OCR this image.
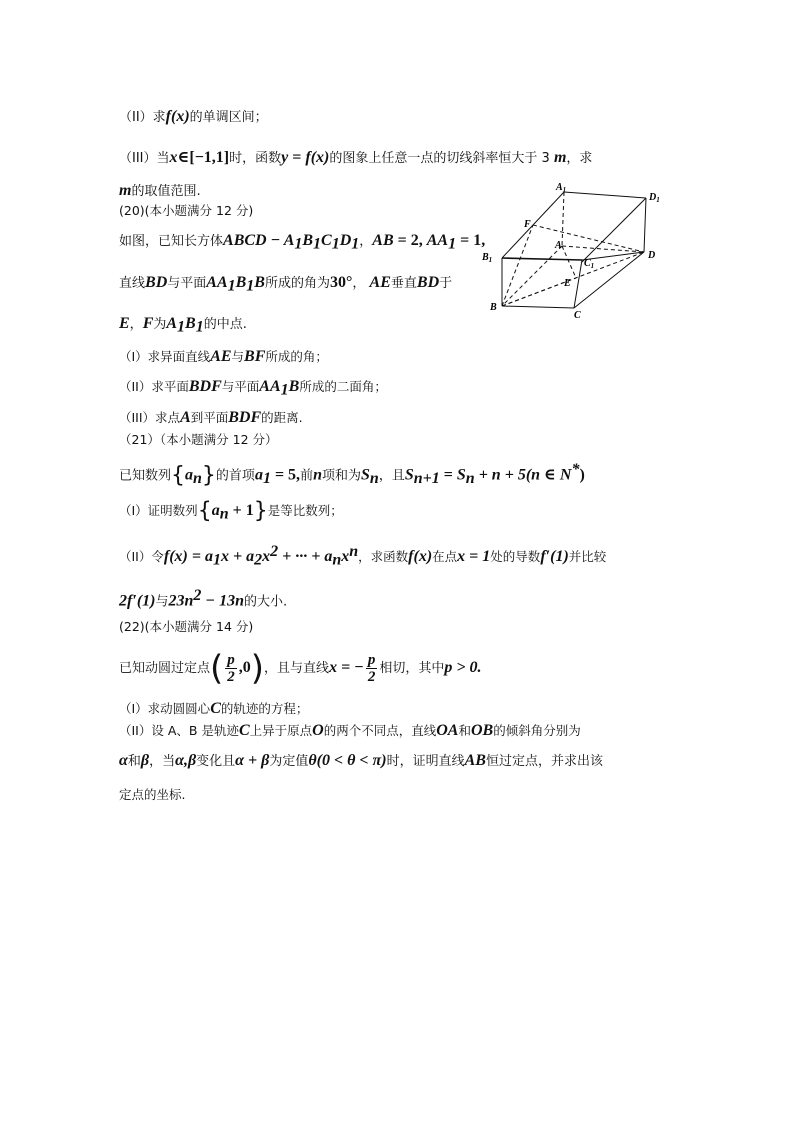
（II）求f(x)的单调区间；
（III）当x∈[−1,1]时，函数y = f(x)的图象上任意一点的切线斜率恒大于 3 m，求
m的取值范围.
(20)(本小题满分 12 分)
如图，已知长方体ABCD − $A_1B_1C_1D_1$，AB = 2, $AA_1 = 1$,
直线BD与平面$AA_1B_1B$所成的角为30°， AE垂直BD于
E，F为$A_1B_1$的中点.
（I）求异面直线AE与BF所成的角；
（II）求平面BDF与平面$AA_1B$所成的二面角；
（III）求点A到平面BDF的距离.
$A_1$
$D_1$
F
A
D
$B_1$	$C_1$
E
B
C
（21）（本小题满分 12 分）
已知数列$\{a_n\}$的首项$a_1 = 5$,前n项和为$S_n$，且$S_{n+1} = S_n + n + 5(n$ ∈ N*)
（I）证明数列$\{a_n + 1\}$是等比数列；
（II）令$f(x) = a_1x + a_2x^2$ + ··· + $a_nx^n$，求函数f(x)在点x = 1处的导数f′(1)并比较
2f′(1)与$23n^2 - 13n$的大小.
(22)(本小题满分 14 分)
已知动圆过定点( $\frac{p}{2} ,0$)，且与直线x = − $\frac{p}{2}$ 相切，其中p > 0.
（I）求动圆圆心C的轨迹的方程；
（II）设 A、B 是轨迹C上异于原点O的两个不同点，直线OA和OB的倾斜角分别为
α和β，当α,β变化且α + β为定值θ(0 < θ < π)时，证明直线AB恒过定点，并求出该
定点的坐标.
